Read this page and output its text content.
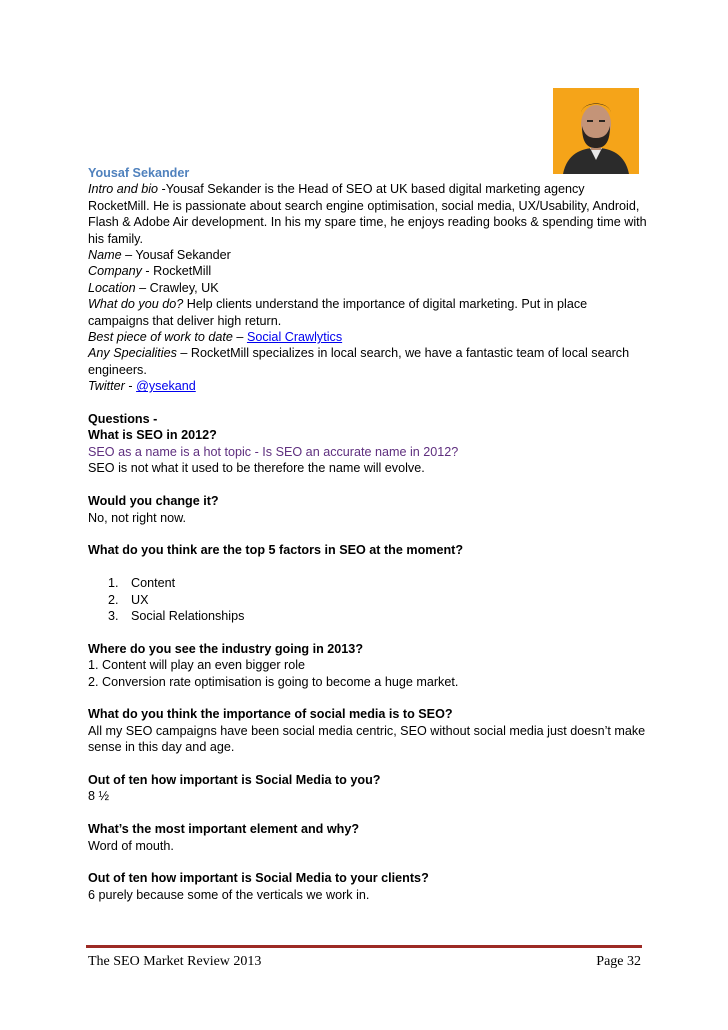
Yousaf Sekander
Intro and bio -Yousaf Sekander is the Head of SEO at UK based digital marketing agency RocketMill. He is passionate about search engine optimisation, social media, UX/Usability, Android, Flash & Adobe Air development. In his my spare time, he enjoys reading books & spending time with his family.
Name – Yousaf Sekander
Company - RocketMill
Location – Crawley, UK
What do you do? Help clients understand the importance of digital marketing. Put in place campaigns that deliver high return.
Best piece of work to date – Social Crawlytics
Any Specialities – RocketMill specializes in local search, we have a fantastic team of local search engineers.
Twitter - @ysekand
Questions -
What is SEO in 2012?
SEO as a name is a hot topic - Is SEO an accurate name in 2012?
SEO is not what it used to be therefore the name will evolve.
Would you change it?
No, not right now.
What do you think are the top 5 factors in SEO at the moment?
1. Content
2. UX
3. Social Relationships
Where do you see the industry going in 2013?
1. Content will play an even bigger role
2. Conversion rate optimisation is going to become a huge market.
What do you think the importance of social media is to SEO?
All my SEO campaigns have been social media centric, SEO without social media just doesn’t make sense in this day and age.
Out of ten how important is Social Media to you?
8 ½
What’s the most important element and why?
Word of mouth.
Out of ten how important is Social Media to your clients?
6 purely because some of the verticals we work in.
The SEO Market Review 2013	Page 32
